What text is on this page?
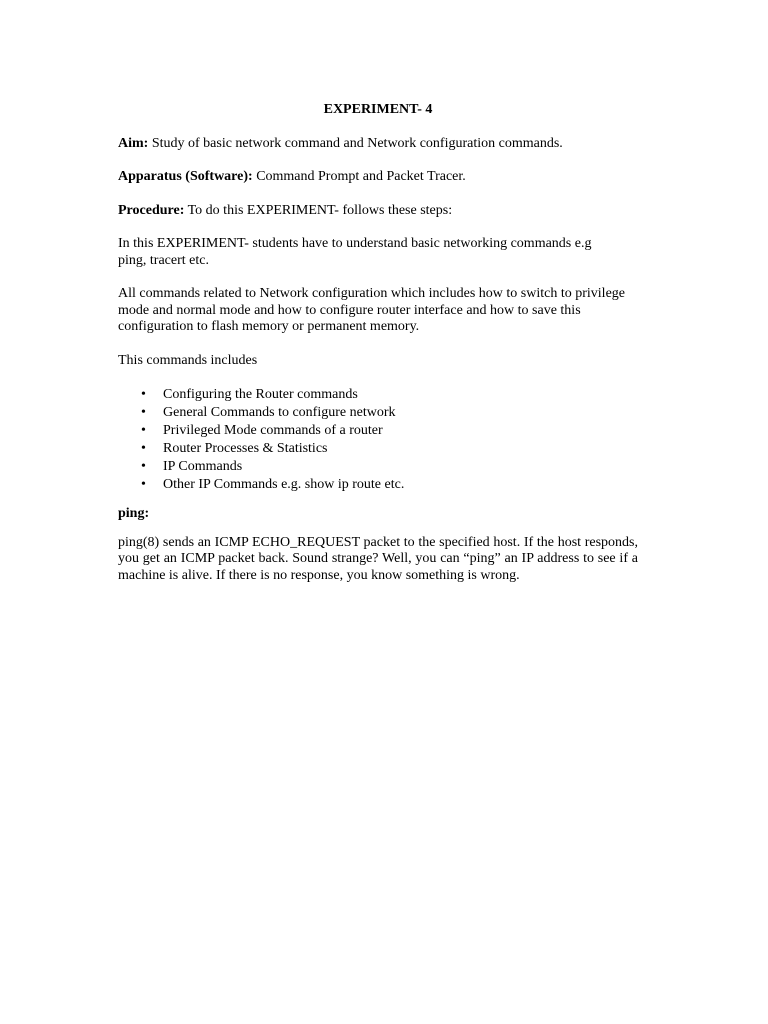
EXPERIMENT- 4

Aim: Study of basic network command and Network configuration commands.

Apparatus (Software): Command Prompt and Packet Tracer.

Procedure: To do this EXPERIMENT- follows these steps:

In this EXPERIMENT- students have to understand basic networking commands e.g
ping, tracert etc.

All commands related to Network configuration which includes how to switch to privilege
mode and normal mode and how to configure router interface and how to save this
configuration to flash memory or permanent memory.

This commands includes

• Configuring the Router commands
• General Commands to configure network
• Privileged Mode commands of a router
• Router Processes & Statistics
• IP Commands
• Other IP Commands e.g. show ip route etc.
ping:

ping(8) sends an ICMP ECHO_REQUEST packet to the specified host. If the host responds, you get an ICMP packet back. Sound strange? Well, you can “ping” an IP address to see if a machine is alive. If there is no response, you know something is wrong.
